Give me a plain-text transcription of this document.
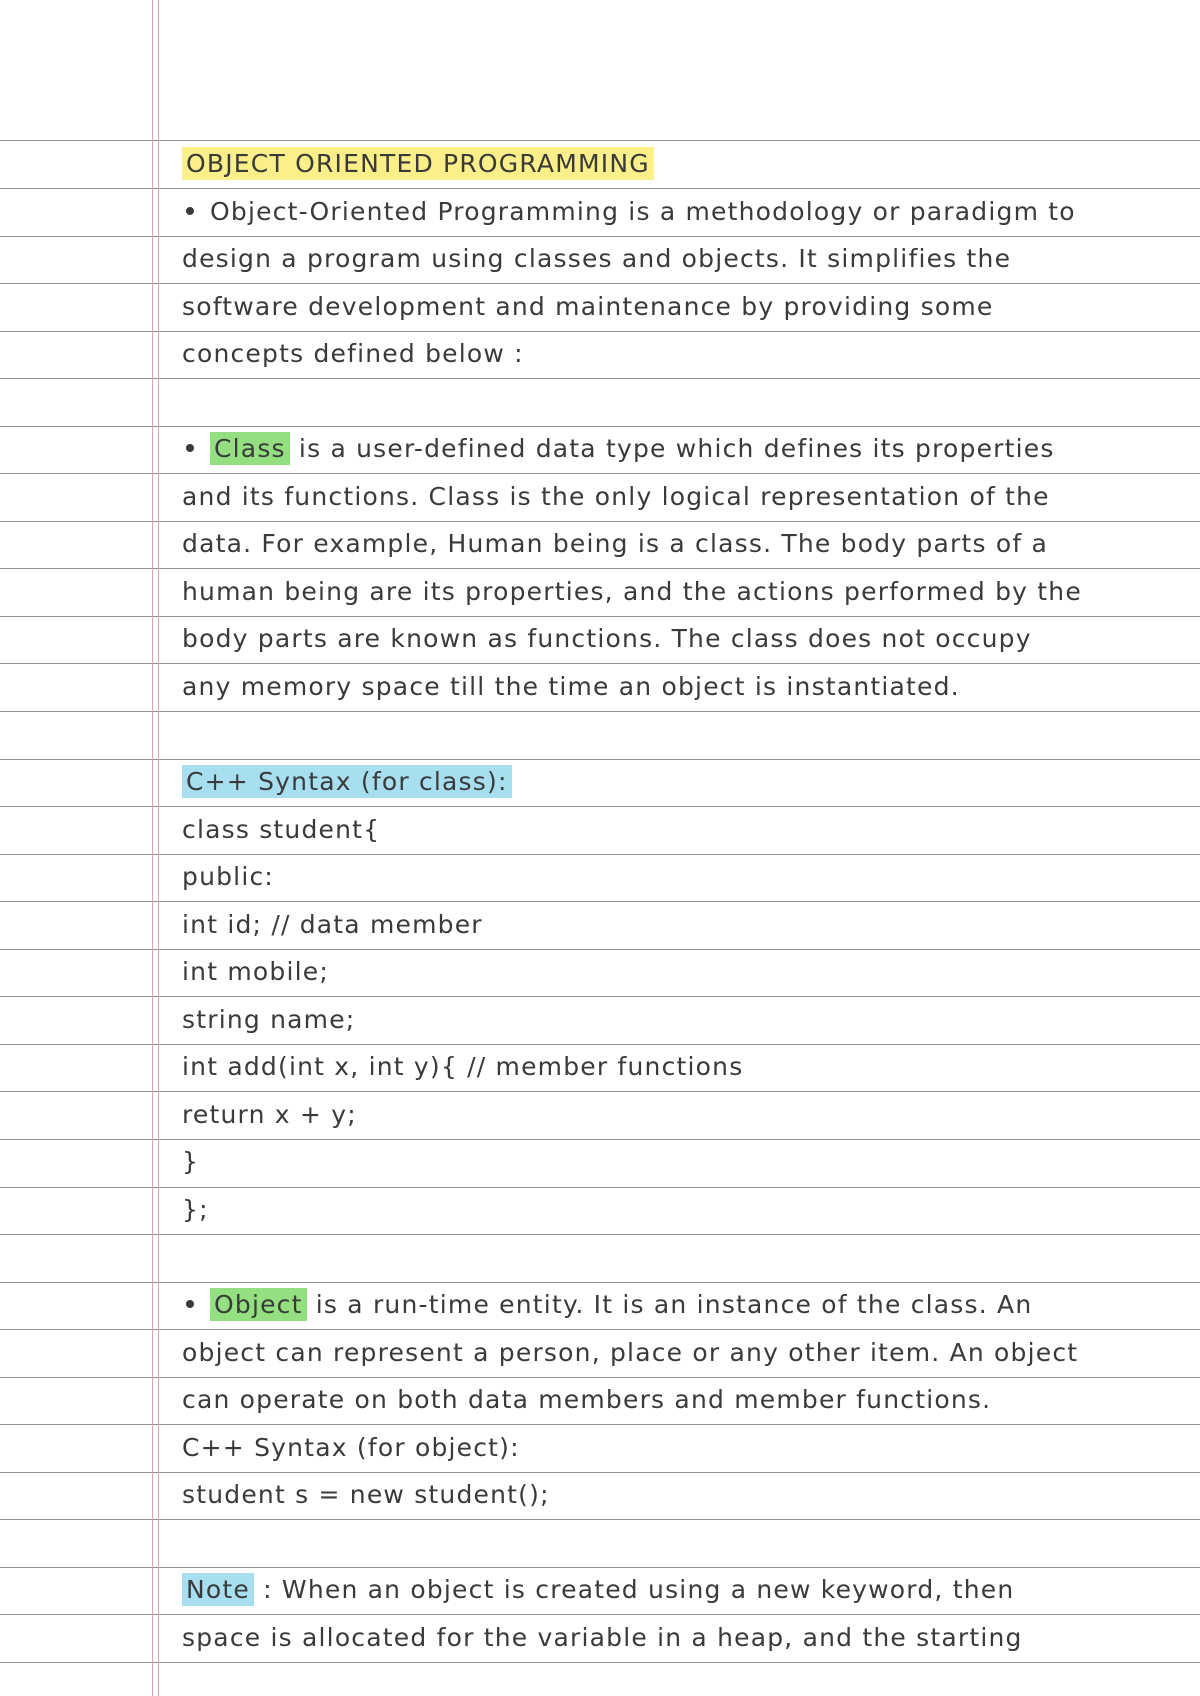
OBJECT ORIENTED PROGRAMMING
Object-Oriented Programming is a methodology or paradigm to
design a program using classes and objects. It simplifies the
software development and maintenance by providing some
concepts defined below :
Class is a user-defined data type which defines its properties
and its functions. Class is the only logical representation of the
data. For example, Human being is a class. The body parts of a
human being are its properties, and the actions performed by the
body parts are known as functions. The class does not occupy
any memory space till the time an object is instantiated.
C++ Syntax (for class):
class student{
public:
int id; // data member
int mobile;
string name;
int add(int x, int y){ // member functions
return x + y;
}
};
Object is a run-time entity. It is an instance of the class. An
object can represent a person, place or any other item. An object
can operate on both data members and member functions.
C++ Syntax (for object):
student s = new student();
Note : When an object is created using a new keyword, then
space is allocated for the variable in a heap, and the starting
